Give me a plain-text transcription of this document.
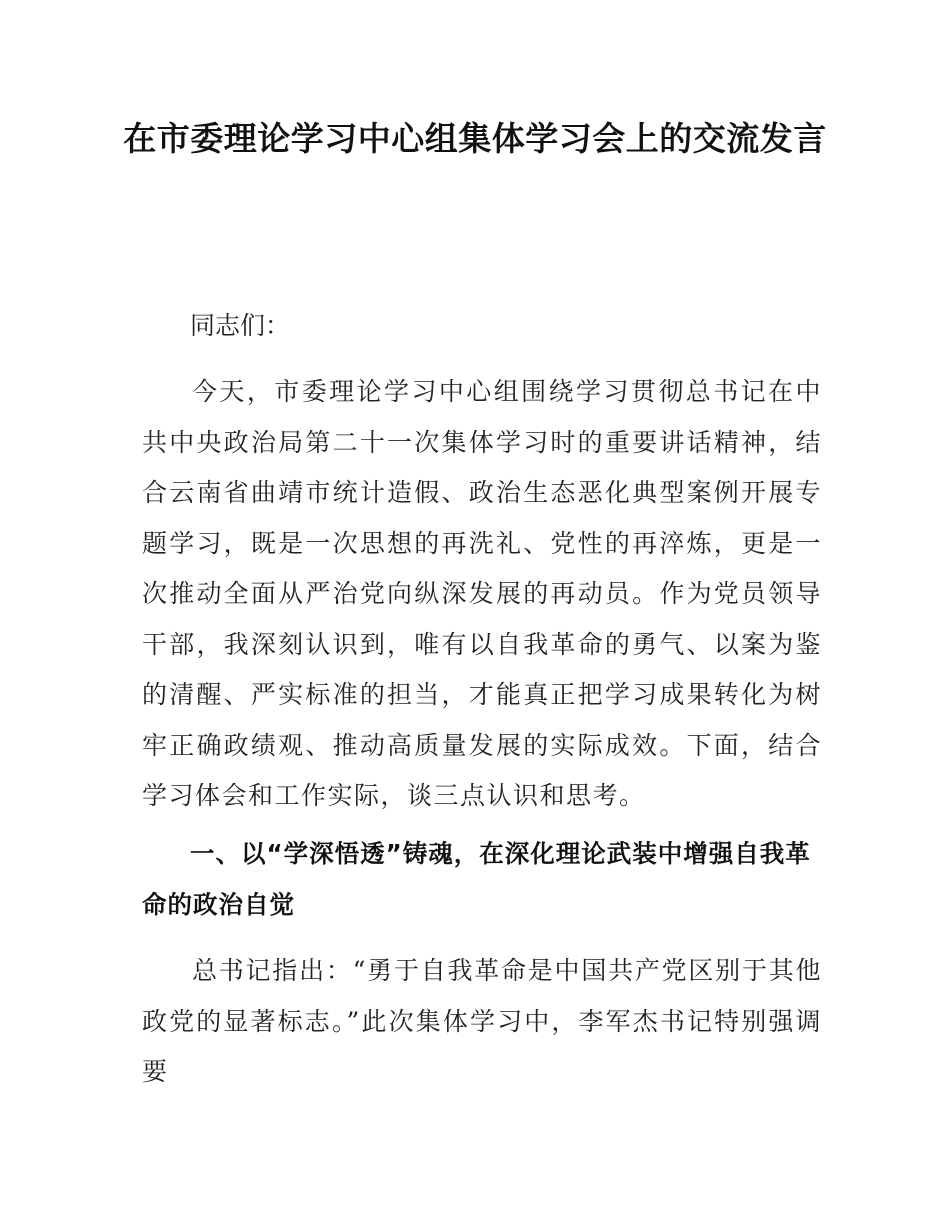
在市委理论学习中心组集体学习会上的交流发言

同志们：

今天，市委理论学习中心组围绕学习贯彻总书记在中共中央政治局第二十一次集体学习时的重要讲话精神，结合云南省曲靖市统计造假、政治生态恶化典型案例开展专题学习，既是一次思想的再洗礼、党性的再淬炼，更是一次推动全面从严治党向纵深发展的再动员。作为党员领导干部，我深刻认识到，唯有以自我革命的勇气、以案为鉴的清醒、严实标准的担当，才能真正把学习成果转化为树牢正确政绩观、推动高质量发展的实际成效。下面，结合学习体会和工作实际，谈三点认识和思考。

一、以“学深悟透”铸魂，在深化理论武装中增强自我革命的政治自觉

总书记指出：“勇于自我革命是中国共产党区别于其他政党的显著标志。”此次集体学习中，李军杰书记特别强调要
